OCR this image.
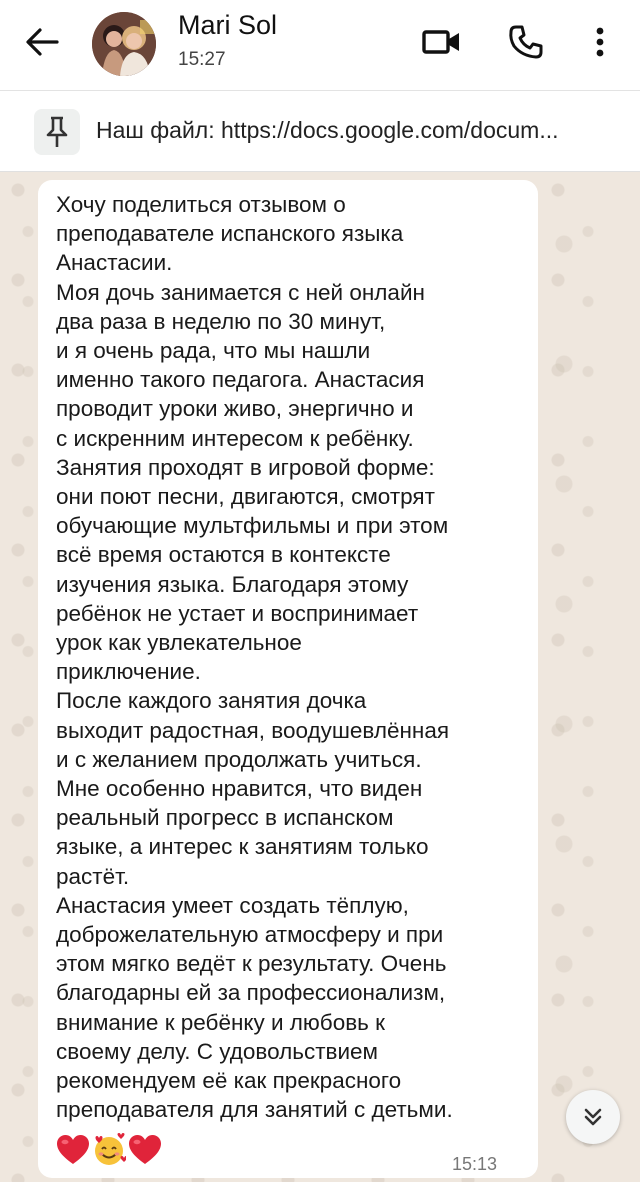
Mari Sol
15:27
Наш файл: https://docs.google.com/docum...
Хочу поделиться отзывом о
преподавателе испанского языка
Анастасии.
Моя дочь занимается с ней онлайн
два раза в неделю по 30 минут,
и я очень рада, что мы нашли
именно такого педагога. Анастасия
проводит уроки живо, энергично и
с искренним интересом к ребёнку.
Занятия проходят в игровой форме:
они поют песни, двигаются, смотрят
обучающие мультфильмы и при этом
всё время остаются в контексте
изучения языка. Благодаря этому
ребёнок не устает и воспринимает
урок как увлекательное
приключение.
После каждого занятия дочка
выходит радостная, воодушевлённая
и с желанием продолжать учиться.
Мне особенно нравится, что виден
реальный прогресс в испанском
языке, а интерес к занятиям только
растёт.
Анастасия умеет создать тёплую,
доброжелательную атмосферу и при
этом мягко ведёт к результату. Очень
благодарны ей за профессионализм,
внимание к ребёнку и любовь к
своему делу. С удовольствием
рекомендуем её как прекрасного
преподавателя для занятий с детьми.
15:13
